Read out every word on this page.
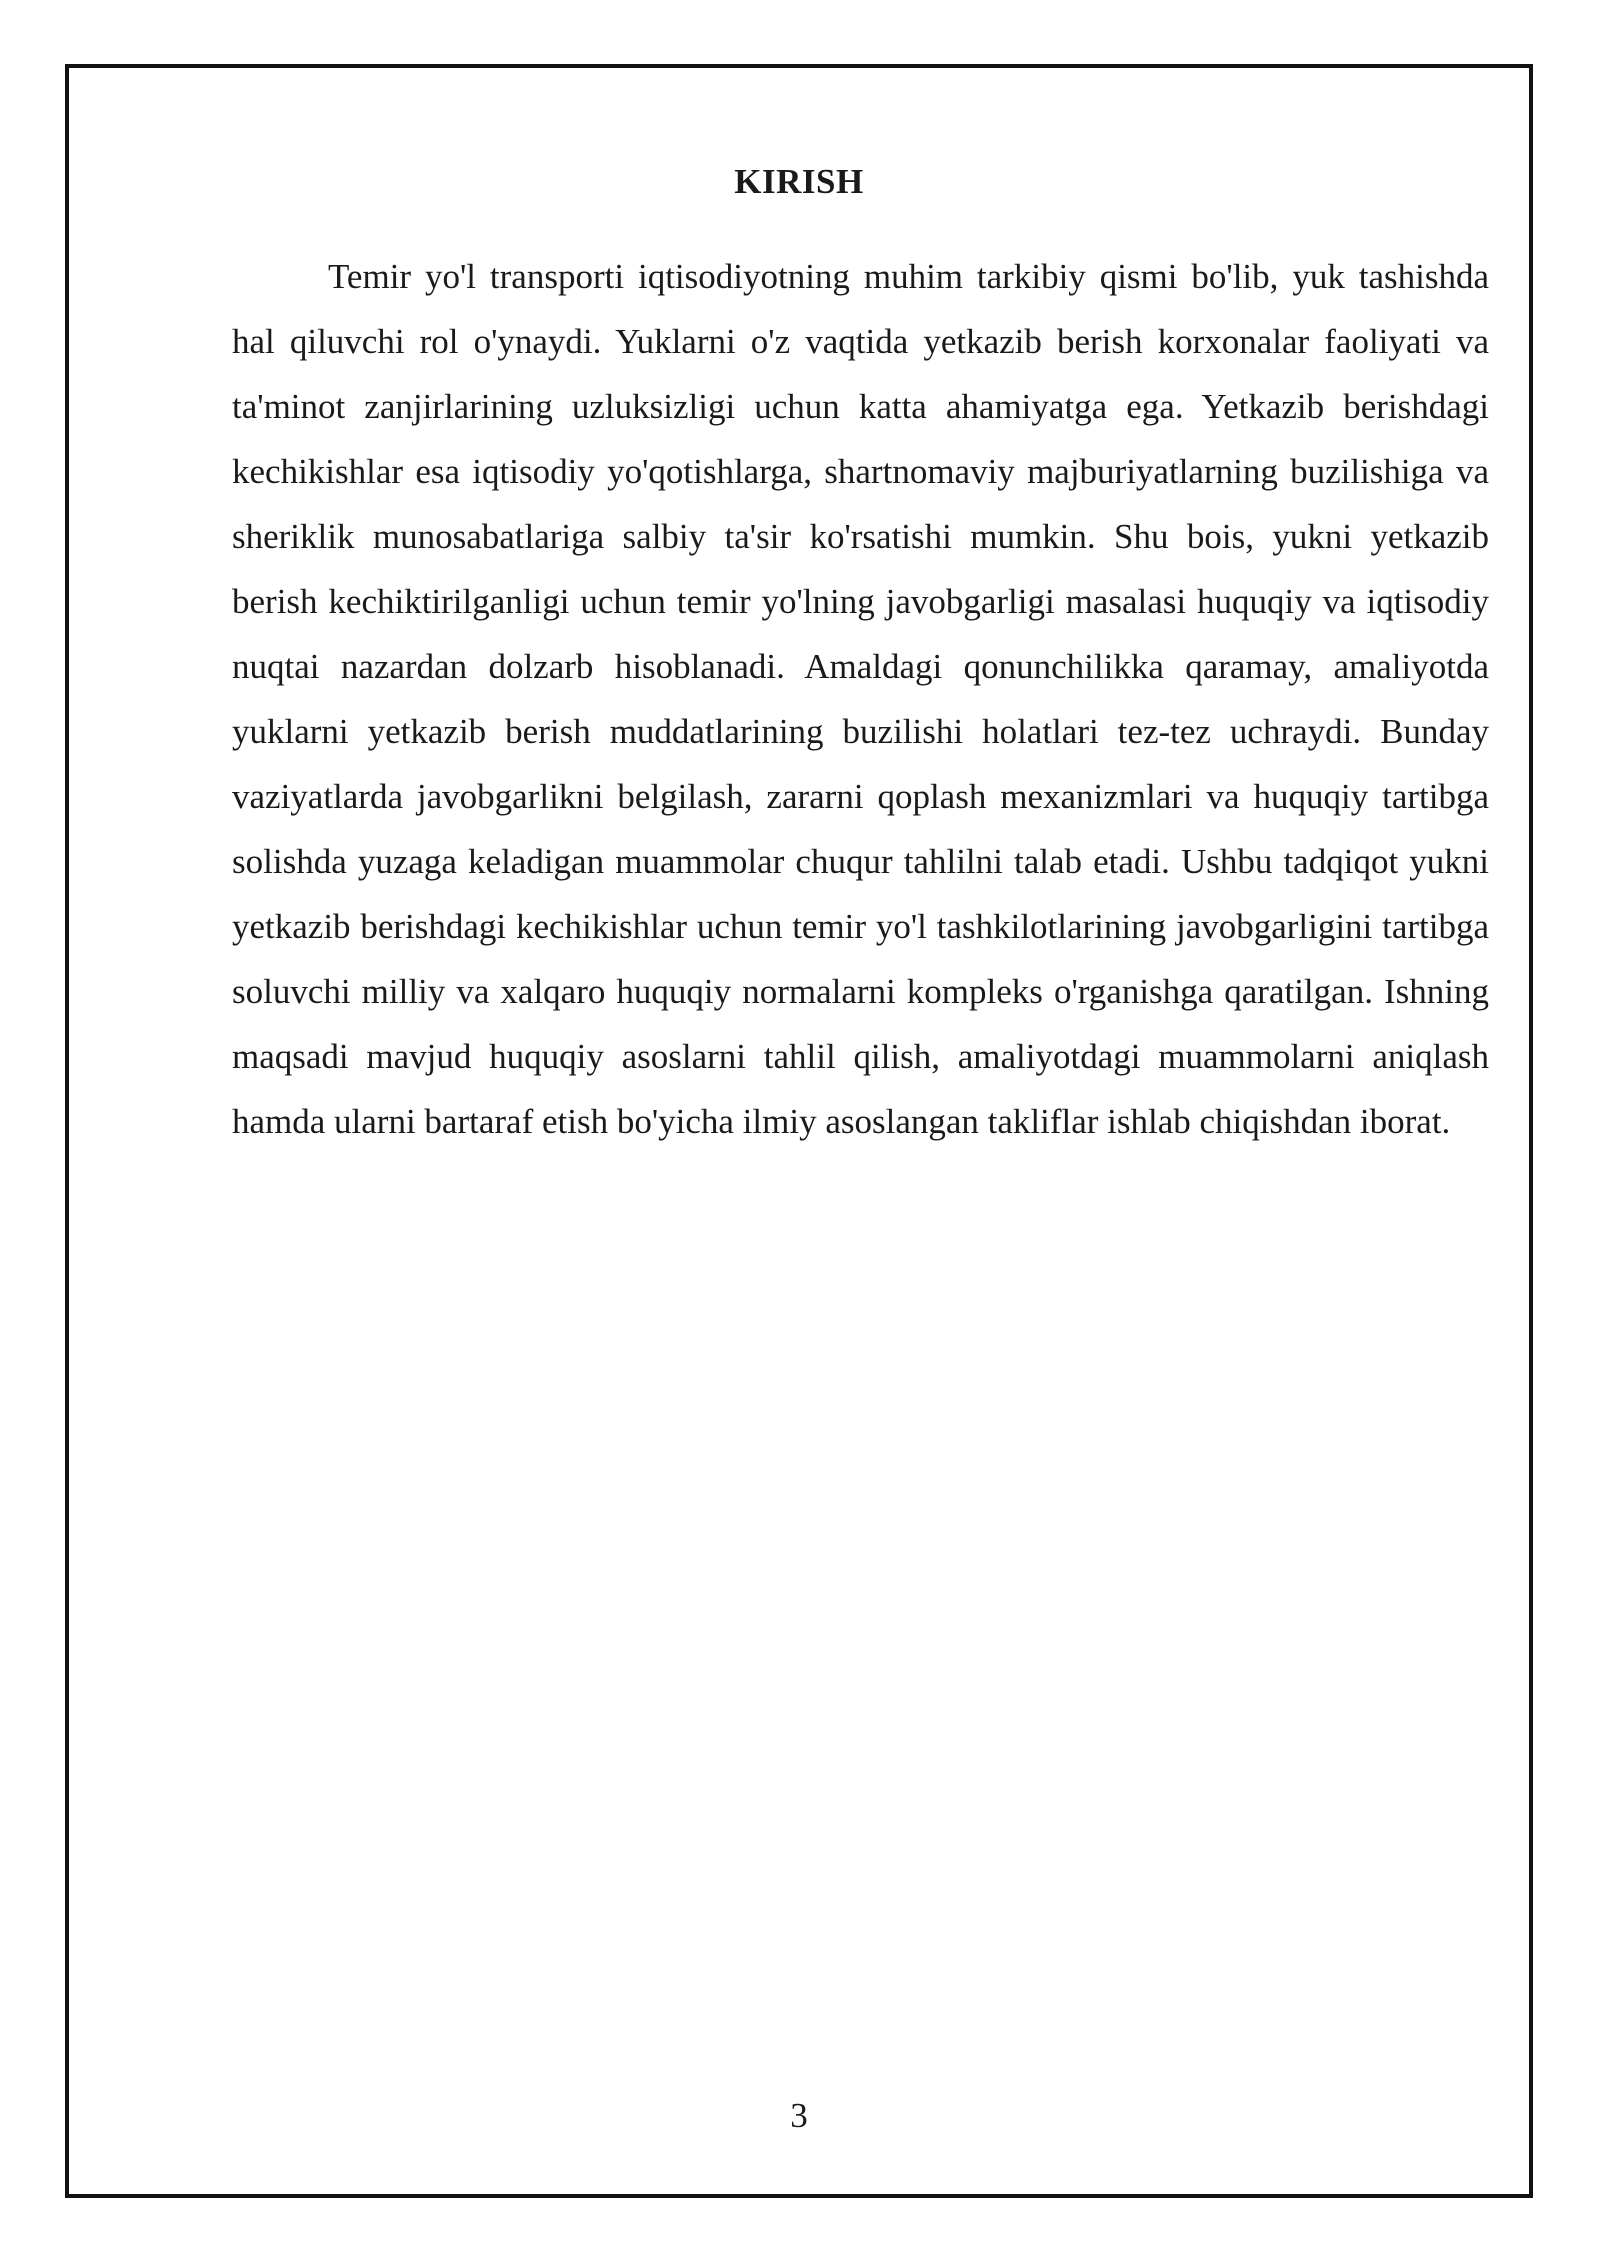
KIRISH

Temir yo'l transporti iqtisodiyotning muhim tarkibiy qismi bo'lib, yuk tashishda hal qiluvchi rol o'ynaydi. Yuklarni o'z vaqtida yetkazib berish korxonalar faoliyati va ta'minot zanjirlarining uzluksizligi uchun katta ahamiyatga ega. Yetkazib berishdagi kechikishlar esa iqtisodiy yo'qotishlarga, shartnomaviy majburiyatlarning buzilishiga va sheriklik munosabatlariga salbiy ta'sir ko'rsatishi mumkin. Shu bois, yukni yetkazib berish kechiktirilganligi uchun temir yo'lning javobgarligi masalasi huquqiy va iqtisodiy nuqtai nazardan dolzarb hisoblanadi. Amaldagi qonunchilikka qaramay, amaliyotda yuklarni yetkazib berish muddatlarining buzilishi holatlari tez-tez uchraydi. Bunday vaziyatlarda javobgarlikni belgilash, zararni qoplash mexanizmlari va huquqiy tartibga solishda yuzaga keladigan muammolar chuqur tahlilni talab etadi. Ushbu tadqiqot yukni yetkazib berishdagi kechikishlar uchun temir yo'l tashkilotlarining javobgarligini tartibga soluvchi milliy va xalqaro huquqiy normalarni kompleks o'rganishga qaratilgan. Ishning maqsadi mavjud huquqiy asoslarni tahlil qilish, amaliyotdagi muammolarni aniqlash hamda ularni bartaraf etish bo'yicha ilmiy asoslangan takliflar ishlab chiqishdan iborat.

3
